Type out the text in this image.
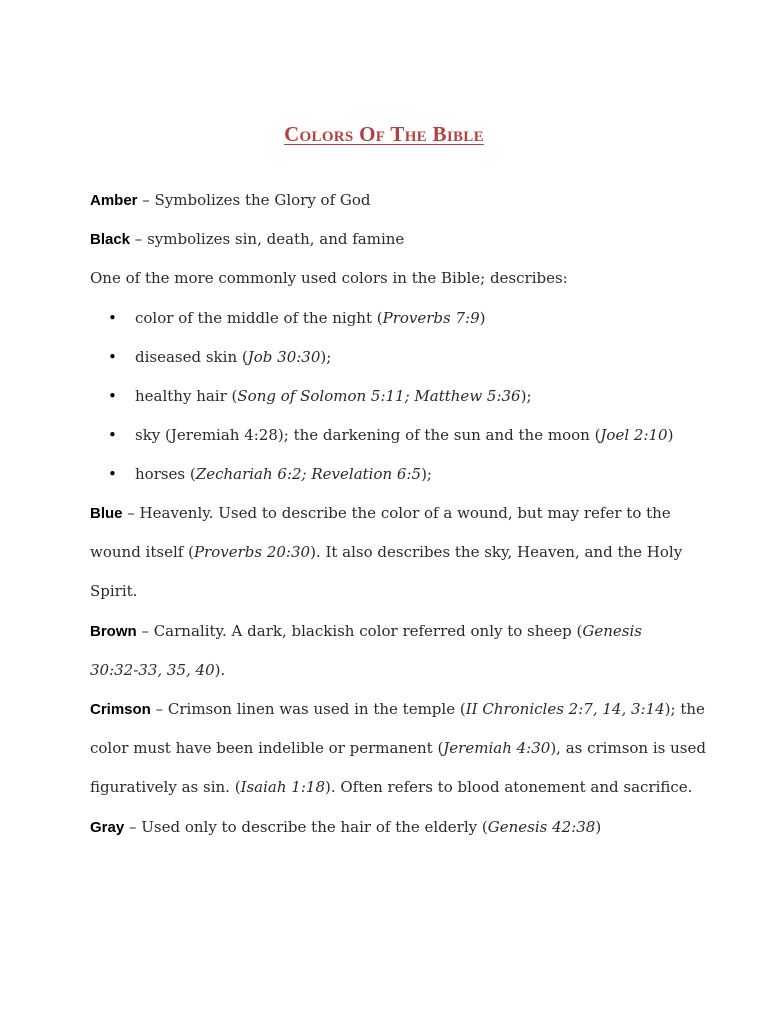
Colors Of The Bible
Amber – Symbolizes the Glory of God
Black – symbolizes sin, death, and famine
One of the more commonly used colors in the Bible; describes:
• color of the middle of the night (Proverbs 7:9)
• diseased skin (Job 30:30);
• healthy hair (Song of Solomon 5:11; Matthew 5:36);
• sky (Jeremiah 4:28); the darkening of the sun and the moon (Joel 2:10)
• horses (Zechariah 6:2; Revelation 6:5);
Blue – Heavenly. Used to describe the color of a wound, but may refer to the
wound itself (Proverbs 20:30). It also describes the sky, Heaven, and the Holy
Spirit.
Brown – Carnality. A dark, blackish color referred only to sheep (Genesis
30:32-33, 35, 40).
Crimson – Crimson linen was used in the temple (II Chronicles 2:7, 14, 3:14); the
color must have been indelible or permanent (Jeremiah 4:30), as crimson is used
figuratively as sin. (Isaiah 1:18). Often refers to blood atonement and sacrifice.
Gray – Used only to describe the hair of the elderly (Genesis 42:38)
